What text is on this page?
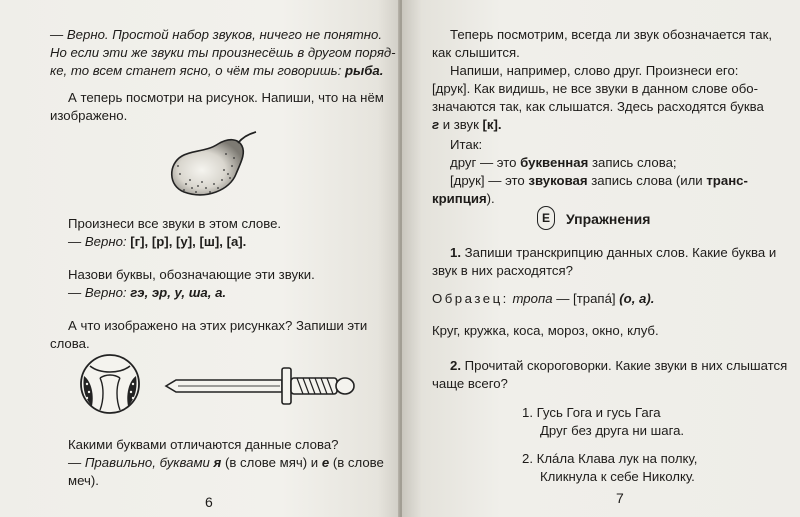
— Верно. Простой набор звуков, ничего не понятно.
Но если эти же звуки ты произнесёшь в другом поряд-
ке, то всем станет ясно, о чём ты говоришь: рыба.
А теперь посмотри на рисунок. Напиши, что на нём
изображено.
Произнеси все звуки в этом слове.
— Верно: [г], [р], [у], [ш], [а].
Назови буквы, обозначающие эти звуки.
— Верно: гэ, эр, у, ша, а.
А что изображено на этих рисунках? Запиши эти
слова.
Какими буквами отличаются данные слова?
— Правильно, буквами я (в слове мяч) и е (в слове
меч).
6
Теперь посмотрим, всегда ли звук обозначается так,
как слышится.
Напиши, например, слово друг. Произнеси его:
[друк]. Как видишь, не все звуки в данном слове обо-
значаются так, как слышатся. Здесь расходятся буква
г и звук [к].
Итак:
друг — это буквенная запись слова;
[друк] — это звуковая запись слова (или транс-
крипция).
Е Упражнения
1. Запиши транскрипцию данных слов. Какие буква и
звук в них расходятся?
Образец: тропа — [трапá] (о, а).
Круг, кружка, коса, мороз, окно, клуб.
2. Прочитай скороговорки. Какие звуки в них слышатся
чаще всего?
1. Гусь Гога и гусь Гага
Друг без друга ни шага.
2. Клáла Клава лук на полку,
Кликнула к себе Николку.
7
